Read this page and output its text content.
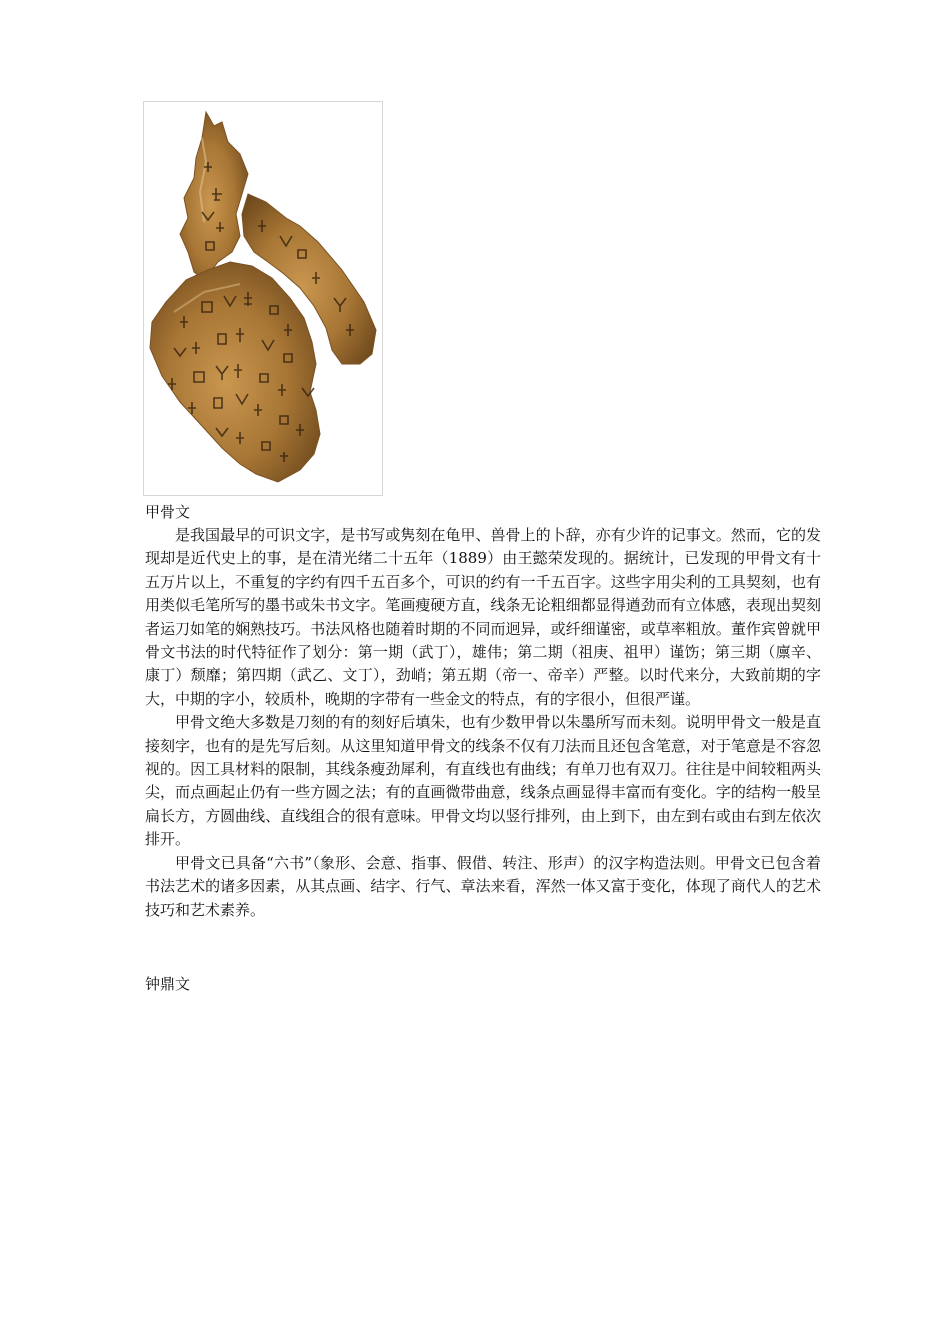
甲骨文

是我国最早的可识文字，是书写或隽刻在龟甲、兽骨上的卜辞，亦有少许的记事文。然而，它的发现却是近代史上的事，是在清光绪二十五年（1889）由王懿荣发现的。据统计，已发现的甲骨文有十五万片以上，不重复的字约有四千五百多个，可识的约有一千五百字。这些字用尖利的工具契刻，也有用类似毛笔所写的墨书或朱书文字。笔画瘦硬方直，线条无论粗细都显得遒劲而有立体感，表现出契刻者运刀如笔的娴熟技巧。书法风格也随着时期的不同而迥异，或纤细谨密，或草率粗放。董作宾曾就甲骨文书法的时代特征作了划分：第一期（武丁），雄伟；第二期（祖庚、祖甲）谨饬；第三期（廪辛、康丁）颓靡；第四期（武乙、文丁），劲峭；第五期（帝一、帝辛）严整。以时代来分，大致前期的字大，中期的字小，较质朴，晚期的字带有一些金文的特点，有的字很小，但很严谨。

甲骨文绝大多数是刀刻的有的刻好后填朱，也有少数甲骨以朱墨所写而未刻。说明甲骨文一般是直接刻字，也有的是先写后刻。从这里知道甲骨文的线条不仅有刀法而且还包含笔意，对于笔意是不容忽视的。因工具材料的限制，其线条瘦劲犀利，有直线也有曲线；有单刀也有双刀。往往是中间较粗两头尖，而点画起止仍有一些方圆之法；有的直画微带曲意，线条点画显得丰富而有变化。字的结构一般呈扁长方，方圆曲线、直线组合的很有意味。甲骨文均以竖行排列，由上到下，由左到右或由右到左依次排开。

甲骨文已具备“六书”（象形、会意、指事、假借、转注、形声）的汉字构造法则。甲骨文已包含着书法艺术的诸多因素，从其点画、结字、行气、章法来看，浑然一体又富于变化，体现了商代人的艺术技巧和艺术素养。

钟鼎文
